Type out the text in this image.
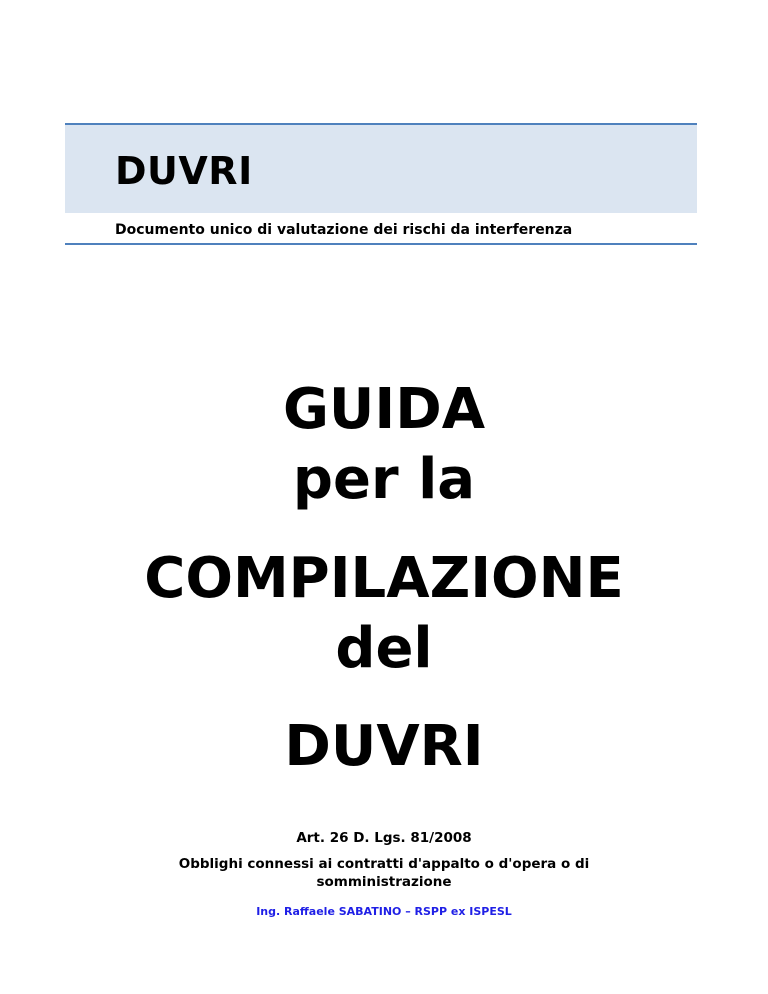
DUVRI

Documento unico di valutazione dei rischi da interferenza

GUIDA

per la

COMPILAZIONE

del

DUVRI

Art. 26 D. Lgs. 81/2008

Obblighi connessi ai contratti d'appalto o d'opera o di

somministrazione

Ing. Raffaele SABATINO – RSPP ex ISPESL
